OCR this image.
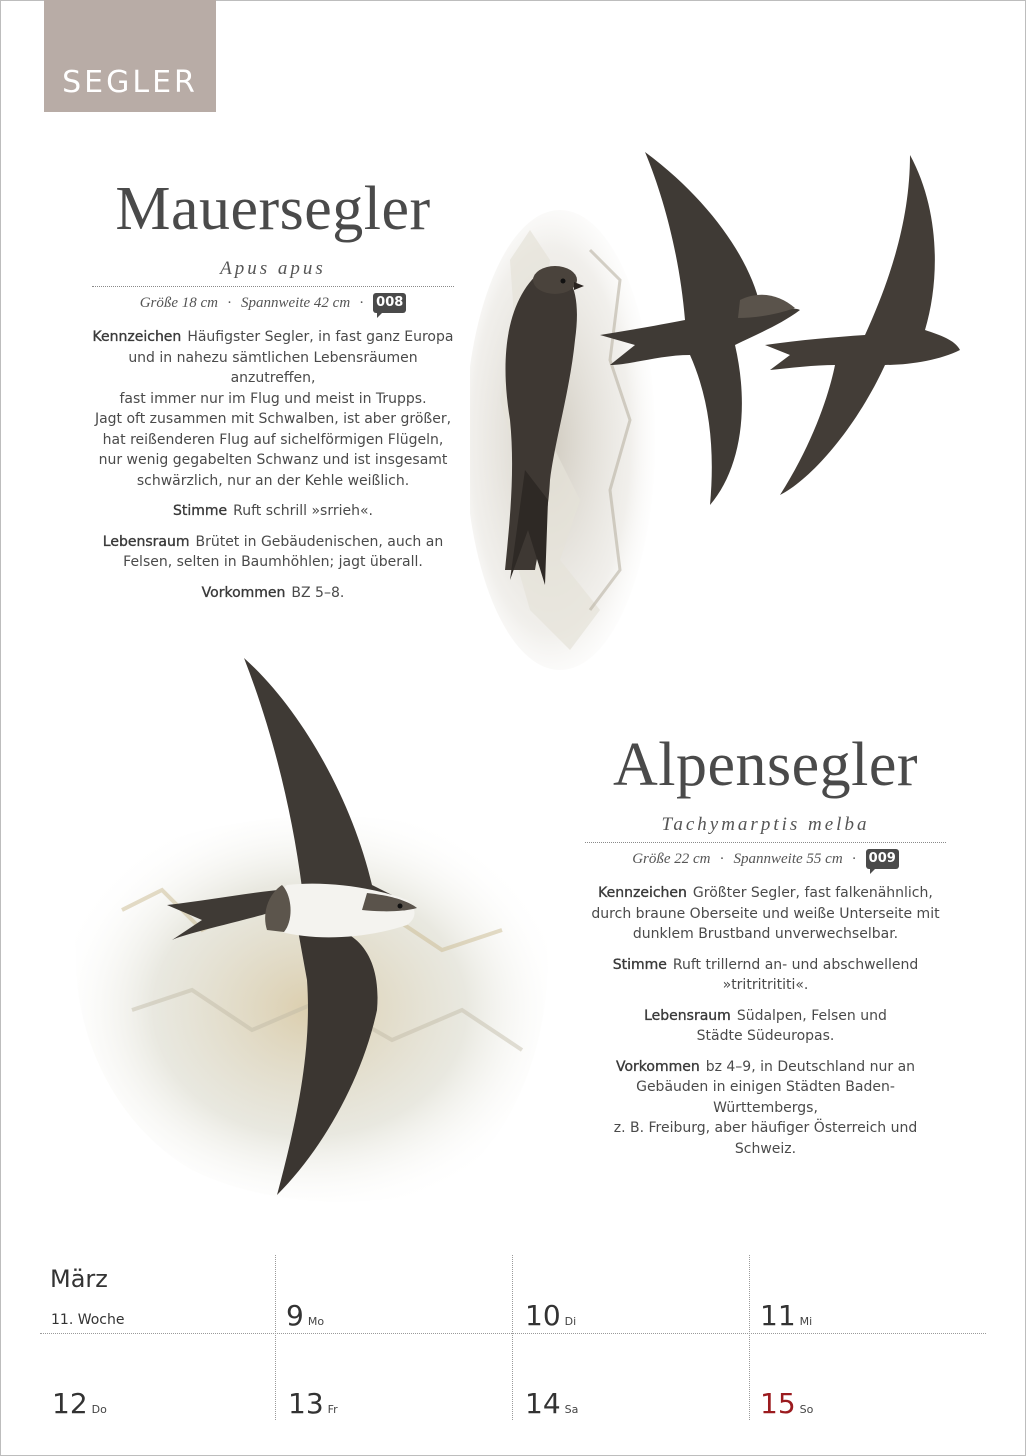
SEGLER
Mauersegler
Apus apus
Größe 18 cm · Spannweite 42 cm · 008

Kennzeichen Häufigster Segler, in fast ganz Europa
und in nahezu sämtlichen Lebensräumen anzutreffen,
fast immer nur im Flug und meist in Trupps.
Jagt oft zusammen mit Schwalben, ist aber größer,
hat reißenderen Flug auf sichelförmigen Flügeln,
nur wenig gegabelten Schwanz und ist insgesamt
schwärzlich, nur an der Kehle weißlich.

Stimme Ruft schrill »srrieh«.

Lebensraum Brütet in Gebäudenischen, auch an
Felsen, selten in Baumhöhlen; jagt überall.

Vorkommen BZ 5–8.

Alpensegler
Tachymarptis melba
Größe 22 cm · Spannweite 55 cm · 009

Kennzeichen Größter Segler, fast falkenähnlich,
durch braune Oberseite und weiße Unterseite mit
dunklem Brustband unverwechselbar.

Stimme Ruft trillernd an- und abschwellend
»tritritrititi«.

Lebensraum Südalpen, Felsen und
Städte Südeuropas.

Vorkommen bz 4–9, in Deutschland nur an
Gebäuden in einigen Städten Baden-Württembergs,
z. B. Freiburg, aber häufiger Österreich und Schweiz.

März
11. Woche	9 Mo	10 Di	11 Mi
12 Do	13 Fr	14 Sa	15 So
